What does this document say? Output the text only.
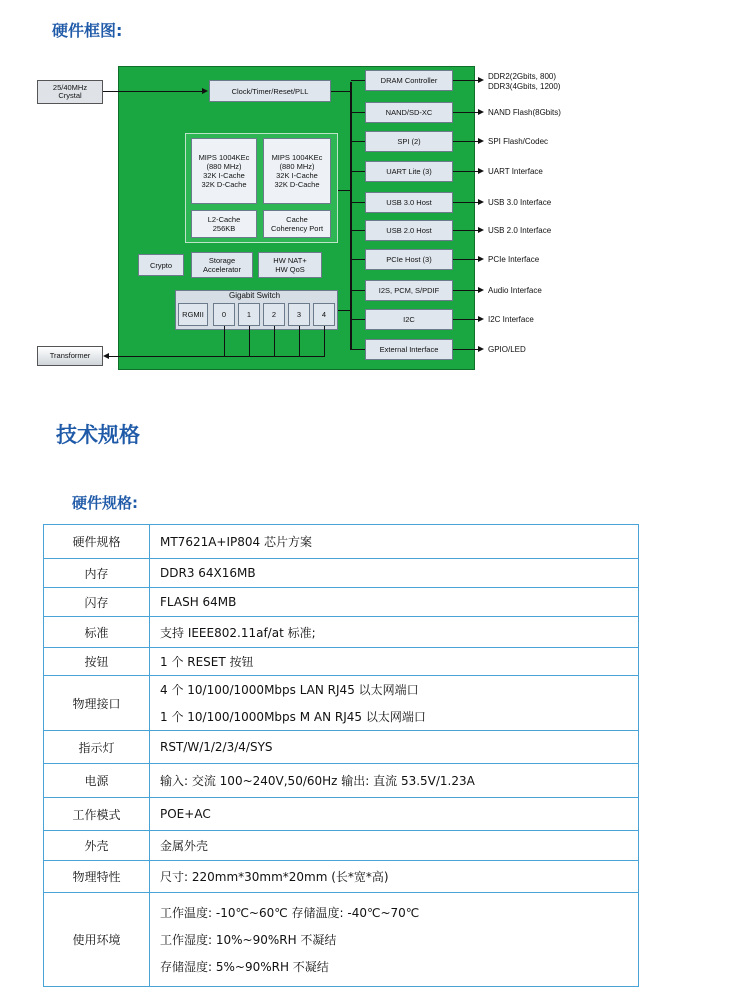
硬件框图:
25/40MHz
Crystal
Transformer
Clock/Timer/Reset/PLL
MIPS 1004KEc
(880 MHz)
32K I-Cache
32K D-Cache
MIPS 1004KEc
(880 MHz)
32K I-Cache
32K D-Cache
L2-Cache
256KB
Cache
Coherency Port
Crypto	Storage
Accelerator
HW NAT+
HW QoS
Gigabit Switch
RGMII 0	1	2	3	4
DRAM Controller
NAND/SD-XC
SPI (2)
UART Lite (3)
USB 3.0 Host
USB 2.0 Host
PCIe Host (3)
I2S, PCM, S/PDIF
I2C
External Interface
DDR2(2Gbits, 800)
DDR3(4Gbits, 1200)
NAND Flash(8Gbits)
SPI Flash/Codec
UART Interface
USB 3.0 Interface
USB 2.0 Interface
PCIe Interface
Audio Interface
I2C Interface
GPIO/LED
技术规格
硬件规格:
硬件规格	MT7621A+IP804 芯片方案

内存	DDR3 64X16MB

闪存	FLASH 64MB

标准	支持 IEEE802.11af/at 标准;

按钮	1 个 RESET 按钮

物理接口	4 个 10/100/1000Mbps LAN RJ45 以太网端口
1 个 10/100/1000Mbps M AN RJ45 以太网端口

指示灯	RST/W/1/2/3/4/SYS

电源	输入: 交流 100~240V,50/60Hz 输出: 直流 53.5V/1.23A

工作模式	POE+AC

外壳	金属外壳

物理特性	尺寸: 220mm*30mm*20mm (长*宽*高)

使用环境	工作温度: -10℃~60℃ 存储温度: -40℃~70℃
工作湿度: 10%~90%RH 不凝结
存储湿度: 5%~90%RH 不凝结
